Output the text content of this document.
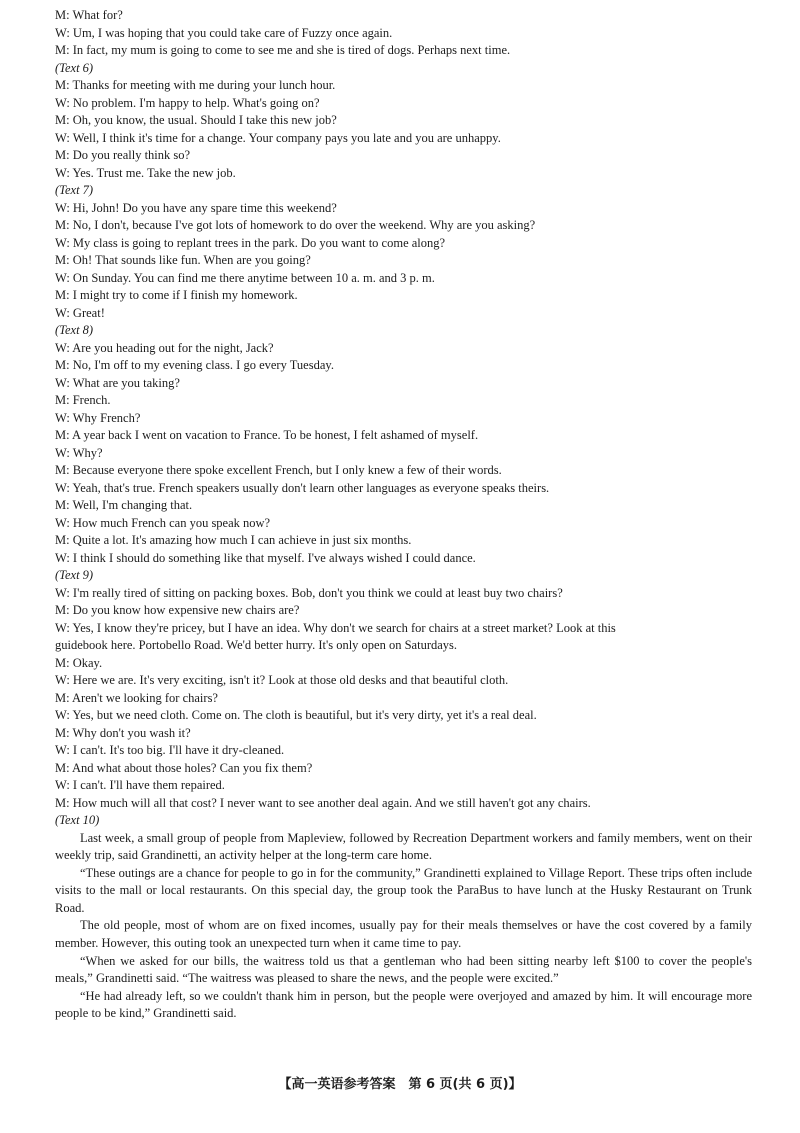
M: What for?
W: Um, I was hoping that you could take care of Fuzzy once again.
M: In fact, my mum is going to come to see me and she is tired of dogs. Perhaps next time.
(Text 6)
M: Thanks for meeting with me during your lunch hour.
W: No problem. I'm happy to help. What's going on?
M: Oh, you know, the usual. Should I take this new job?
W: Well, I think it's time for a change. Your company pays you late and you are unhappy.
M: Do you really think so?
W: Yes. Trust me. Take the new job.
(Text 7)
W: Hi, John! Do you have any spare time this weekend?
M: No, I don't, because I've got lots of homework to do over the weekend. Why are you asking?
W: My class is going to replant trees in the park. Do you want to come along?
M: Oh! That sounds like fun. When are you going?
W: On Sunday. You can find me there anytime between 10 a. m. and 3 p. m.
M: I might try to come if I finish my homework.
W: Great!
(Text 8)
W: Are you heading out for the night, Jack?
M: No, I'm off to my evening class. I go every Tuesday.
W: What are you taking?
M: French.
W: Why French?
M: A year back I went on vacation to France. To be honest, I felt ashamed of myself.
W: Why?
M: Because everyone there spoke excellent French, but I only knew a few of their words.
W: Yeah, that's true. French speakers usually don't learn other languages as everyone speaks theirs.
M: Well, I'm changing that.
W: How much French can you speak now?
M: Quite a lot. It's amazing how much I can achieve in just six months.
W: I think I should do something like that myself. I've always wished I could dance.
(Text 9)
W: I'm really tired of sitting on packing boxes. Bob, don't you think we could at least buy two chairs?
M: Do you know how expensive new chairs are?
W: Yes, I know they're pricey, but I have an idea. Why don't we search for chairs at a street market? Look at this
guidebook here. Portobello Road. We'd better hurry. It's only open on Saturdays.
M: Okay.
W: Here we are. It's very exciting, isn't it? Look at those old desks and that beautiful cloth.
M: Aren't we looking for chairs?
W: Yes, but we need cloth. Come on. The cloth is beautiful, but it's very dirty, yet it's a real deal.
M: Why don't you wash it?
W: I can't. It's too big. I'll have it dry-cleaned.
M: And what about those holes? Can you fix them?
W: I can't. I'll have them repaired.
M: How much will all that cost? I never want to see another deal again. And we still haven't got any chairs.
(Text 10)

Last week, a small group of people from Mapleview, followed by Recreation Department workers and family members, went on their weekly trip, said Grandinetti, an activity helper at the long-term care home.

“These outings are a chance for people to go in for the community,” Grandinetti explained to Village Report. These trips often include visits to the mall or local restaurants. On this special day, the group took the ParaBus to have lunch at the Husky Restaurant on Trunk Road.

The old people, most of whom are on fixed incomes, usually pay for their meals themselves or have the cost covered by a family member. However, this outing took an unexpected turn when it came time to pay.

“When we asked for our bills, the waitress told us that a gentleman who had been sitting nearby left $100 to cover the people's meals,” Grandinetti said. “The waitress was pleased to share the news, and the people were excited.”

“He had already left, so we couldn't thank him in person, but the people were overjoyed and amazed by him. It will encourage more people to be kind,” Grandinetti said.

【高一英语参考答案　第 6 页(共 6 页)】
